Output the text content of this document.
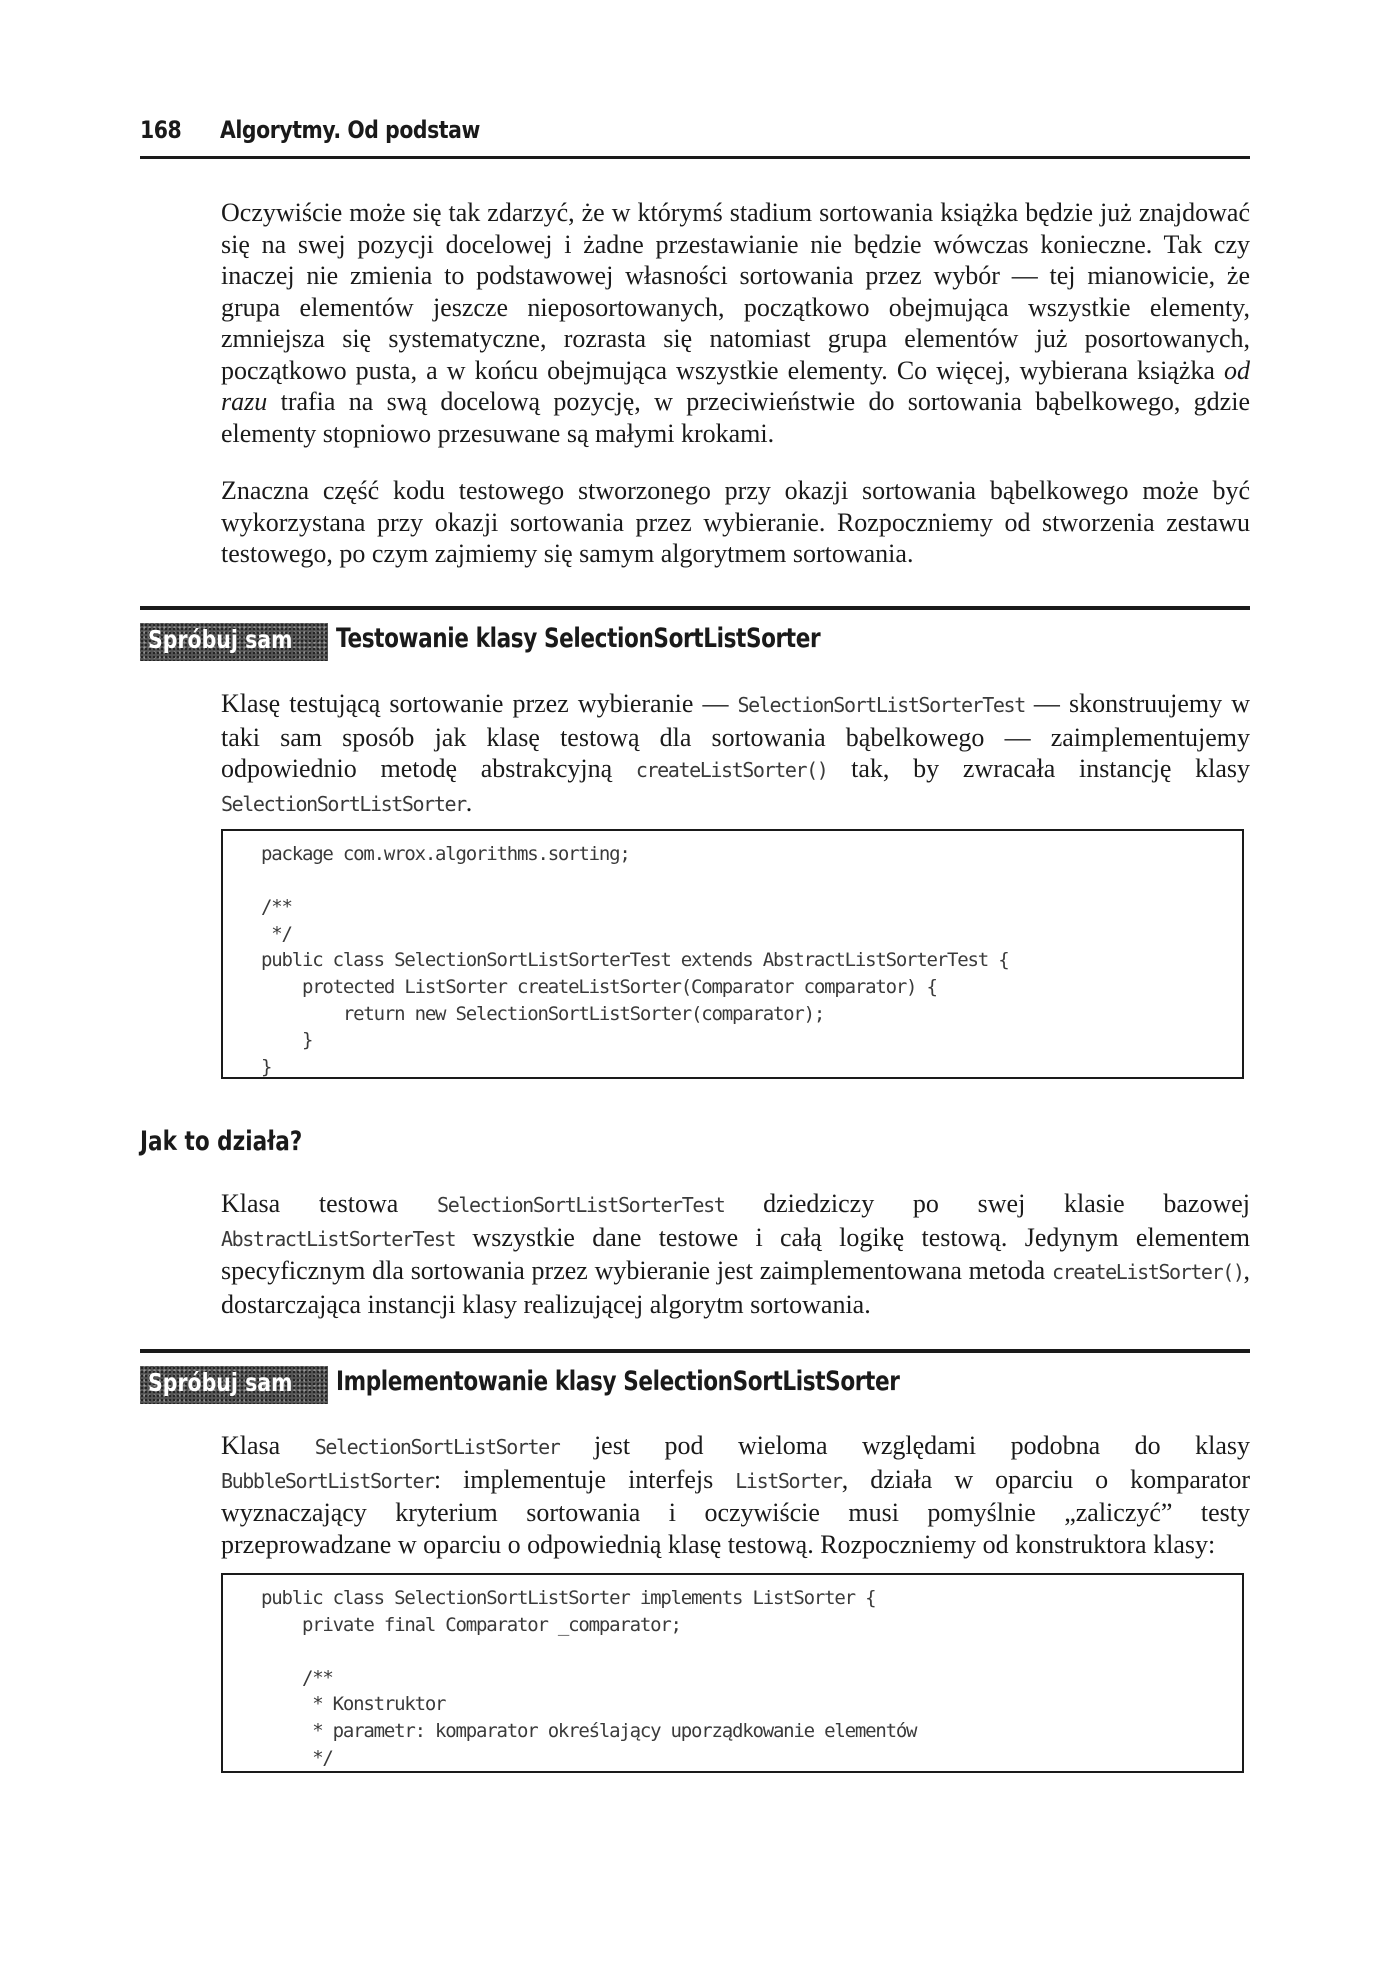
168 Algorytmy. Od podstaw

Oczywiście może się tak zdarzyć, że w którymś stadium sortowania książka będzie już znajdować się na swej pozycji docelowej i żadne przestawianie nie będzie wówczas konieczne. Tak czy inaczej nie zmienia to podstawowej własności sortowania przez wybór — tej mianowicie, że grupa elementów jeszcze nieposortowanych, początkowo obejmująca wszystkie elementy, zmniejsza się systematyczne, rozrasta się natomiast grupa elementów już posortowanych, początkowo pusta, a w końcu obejmująca wszystkie elementy. Co więcej, wybierana książka od razu trafia na swą docelową pozycję, w przeciwieństwie do sortowania bąbelkowego, gdzie elementy stopniowo przesuwane są małymi krokami.

Znaczna część kodu testowego stworzonego przy okazji sortowania bąbelkowego może być wykorzystana przy okazji sortowania przez wybieranie. Rozpoczniemy od stworzenia zestawu testowego, po czym zajmiemy się samym algorytmem sortowania.

Spróbuj sam Testowanie klasy SelectionSortListSorter

Klasę testującą sortowanie przez wybieranie — SelectionSortListSorterTest — skonstruujemy w taki sam sposób jak klasę testową dla sortowania bąbelkowego — zaimplementujemy odpowiednio metodę abstrakcyjną createListSorter() tak, by zwracała instancję klasy SelectionSortListSorter.

package com.wrox.algorithms.sorting;

/**
*/
public class SelectionSortListSorterTest extends AbstractListSorterTest {
protected ListSorter createListSorter(Comparator comparator) {
return new SelectionSortListSorter(comparator);
}
}
Jak to działa?

Klasa testowa SelectionSortListSorterTest dziedziczy po swej klasie bazowej AbstractListSorterTest wszystkie dane testowe i całą logikę testową. Jedynym elementem specyficznym dla sortowania przez wybieranie jest zaimplementowana metoda createListSorter(), dostarczająca instancji klasy realizującej algorytm sortowania.

Spróbuj sam Implementowanie klasy SelectionSortListSorter

Klasa SelectionSortListSorter jest pod wieloma względami podobna do klasy BubbleSortListSorter: implementuje interfejs ListSorter, działa w oparciu o komparator wyznaczający kryterium sortowania i oczywiście musi pomyślnie „zaliczyć” testy przeprowadzane w oparciu o odpowiednią klasę testową. Rozpoczniemy od konstruktora klasy:

public class SelectionSortListSorter implements ListSorter {
private final Comparator _comparator;

/**
* Konstruktor
* parametr: komparator określający uporządkowanie elementów
*/
